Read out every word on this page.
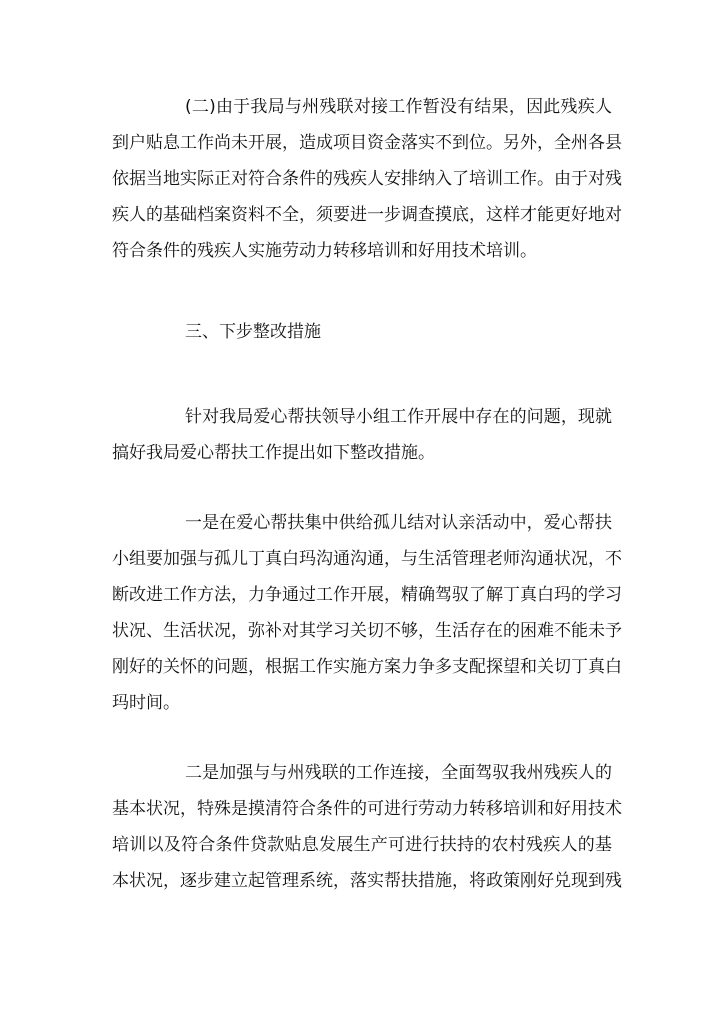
(二)由于我局与州残联对接工作暂没有结果，因此残疾人
到户贴息工作尚未开展，造成项目资金落实不到位。另外，全州各县
依据当地实际正对符合条件的残疾人安排纳入了培训工作。由于对残
疾人的基础档案资料不全，须要进一步调查摸底，这样才能更好地对
符合条件的残疾人实施劳动力转移培训和好用技术培训。
三、下步整改措施
针对我局爱心帮扶领导小组工作开展中存在的问题，现就
搞好我局爱心帮扶工作提出如下整改措施。
一是在爱心帮扶集中供给孤儿结对认亲活动中，爱心帮扶
小组要加强与孤儿丁真白玛沟通沟通，与生活管理老师沟通状况，不
断改进工作方法，力争通过工作开展，精确驾驭了解丁真白玛的学习
状况、生活状况，弥补对其学习关切不够，生活存在的困难不能未予
刚好的关怀的问题，根据工作实施方案力争多支配探望和关切丁真白
玛时间。
二是加强与与州残联的工作连接，全面驾驭我州残疾人的
基本状况，特殊是摸清符合条件的可进行劳动力转移培训和好用技术
培训以及符合条件贷款贴息发展生产可进行扶持的农村残疾人的基
本状况，逐步建立起管理系统，落实帮扶措施，将政策刚好兑现到残
